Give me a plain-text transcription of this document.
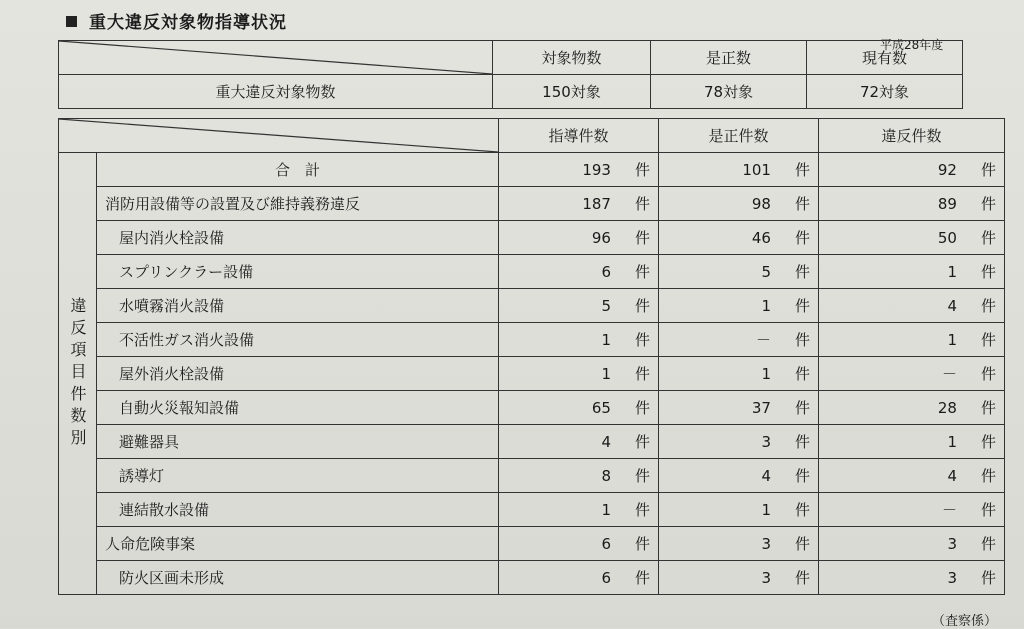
重大違反対象物指導状況
平成28年度
	対象物数	是正数	現有数
重大違反対象物数	150対象	78対象	72対象
	指導件数	是正件数	違反件数
違反項目件数別	合　計	193 件	101 件	92 件
	消防用設備等の設置及び維持義務違反	187 件	98 件	89 件
	屋内消火栓設備	96 件	46 件	50 件
	スプリンクラー設備	6 件	5 件	1 件
	水噴霧消火設備	5 件	1 件	4 件
	不活性ガス消火設備	1 件	－ 件	1 件
	屋外消火栓設備	1 件	1 件	－ 件
	自動火災報知設備	65 件	37 件	28 件
	避難器具	4 件	3 件	1 件
	誘導灯	8 件	4 件	4 件
	連結散水設備	1 件	1 件	－ 件
	人命危険事案	6 件	3 件	3 件
	防火区画未形成	6 件	3 件	3 件
（査察係）
